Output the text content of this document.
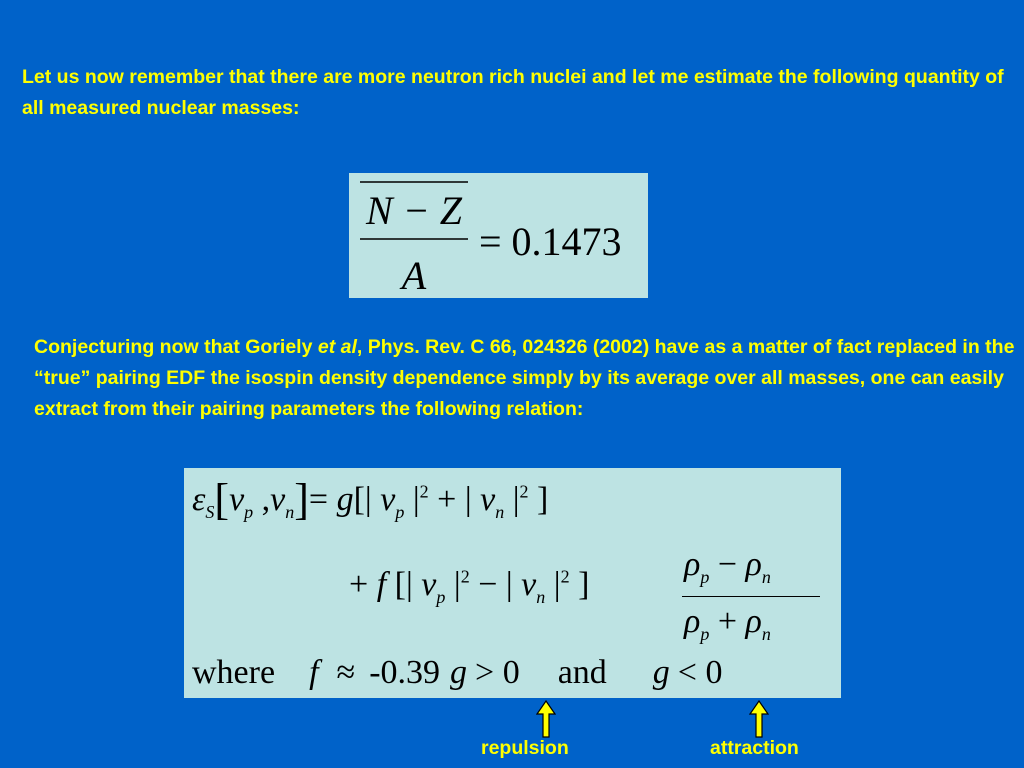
Let us now remember that there are more neutron rich nuclei and let me estimate the following quantity of all measured nuclear masses:

N − Z
A
= 0.1473

Conjecturing now that Goriely et al, Phys. Rev. C 66, 024326 (2002) have as a matter of fact replaced in the “true” pairing EDF the isospin density dependence simply by its average over all masses, one can easily extract from their pairing parameters the following relation:

$\varepsilon_S[\nu_p$ $,\nu_n]= g[|$ $\nu_p$ $|^2$ + | $\nu_n$ $|^2$ ]
+ f [| $\nu_p$ $|^2$ − | $\nu_n$ $|^2$ ]
$\rho_p - \rho_n$
$\rho_p + \rho_n$
where f ≈ -0.39 g > 0 and g < 0
repulsion	attraction
